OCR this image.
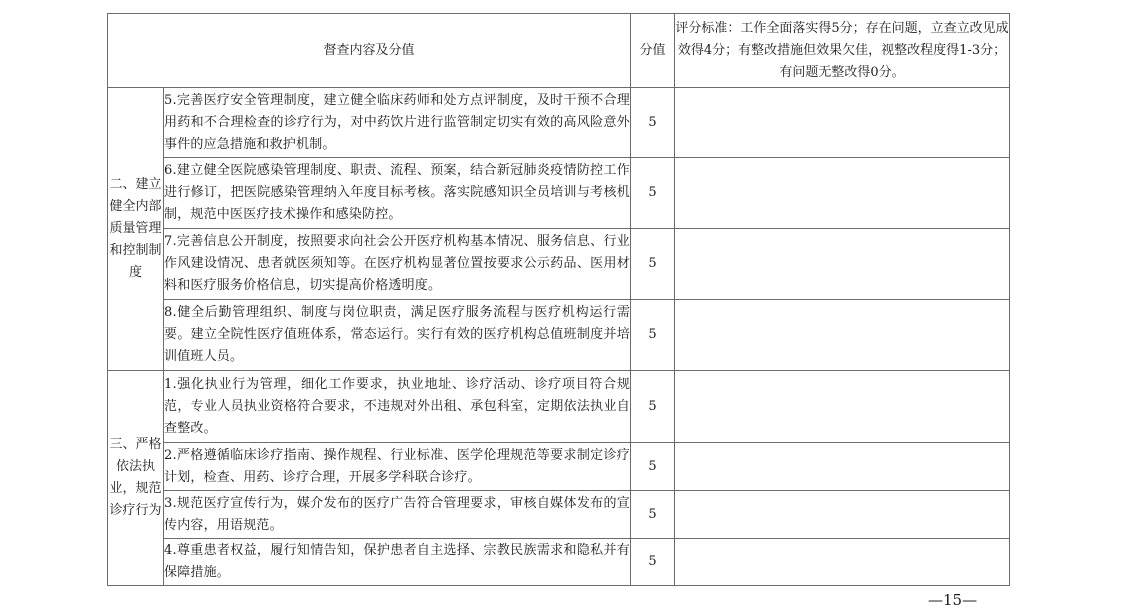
督查内容及分值		分值	评分标准：工作全面落实得5分；存在问题，立查立改见成效得4分；有整改措施但效果欠佳，视整改程度得1-3分；有问题无整改得0分。
二、建立健全内部质量管理和控制制度	5.完善医疗安全管理制度，建立健全临床药师和处方点评制度，及时干预不合理用药和不合理检查的诊疗行为，对中药饮片进行监管制定切实有效的高风险意外事件的应急措施和救护机制。	5	
	6.建立健全医院感染管理制度、职责、流程、预案，结合新冠肺炎疫情防控工作进行修订，把医院感染管理纳入年度目标考核。落实院感知识全员培训与考核机制，规范中医医疗技术操作和感染防控。	5	
	7.完善信息公开制度，按照要求向社会公开医疗机构基本情况、服务信息、行业作风建设情况、患者就医须知等。在医疗机构显著位置按要求公示药品、医用材料和医疗服务价格信息，切实提高价格透明度。	5	
	8.健全后勤管理组织、制度与岗位职责，满足医疗服务流程与医疗机构运行需要。建立全院性医疗值班体系，常态运行。实行有效的医疗机构总值班制度并培训值班人员。	5	
三、严格依法执业，规范诊疗行为	1.强化执业行为管理，细化工作要求，执业地址、诊疗活动、诊疗项目符合规范，专业人员执业资格符合要求，不违规对外出租、承包科室，定期依法执业自查整改。	5	
	2.严格遵循临床诊疗指南、操作规程、行业标准、医学伦理规范等要求制定诊疗计划，检查、用药、诊疗合理，开展多学科联合诊疗。	5	
	3.规范医疗宣传行为，媒介发布的医疗广告符合管理要求，审核自媒体发布的宣传内容，用语规范。	5	
	4.尊重患者权益，履行知情告知，保护患者自主选择、宗教民族需求和隐私并有保障措施。	5	
—15—
